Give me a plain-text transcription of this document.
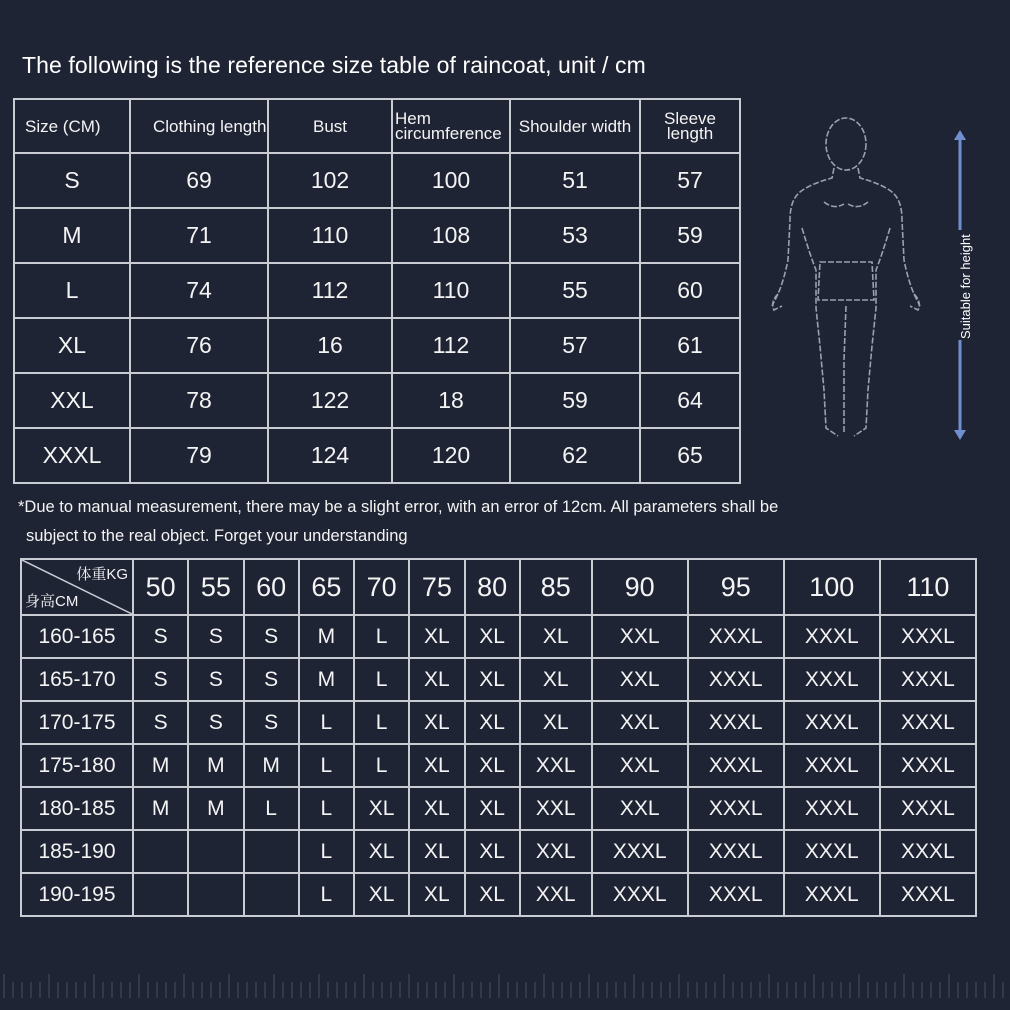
The following is the reference size table of raincoat, unit / cm
Size (CM)	Clothing length	Bust	Hem circumference	Shoulder width	Sleeve length
S	69	102	100	51	57
M	71	110	108	53	59
L	74	112	110	55	60
XL	76	16	112	57	61
XXL	78	122	18	59	64
XXXL	79	124	120	62	65
Suitable for height
*Due to manual measurement, there may be a slight error, with an error of 12cm. All parameters shall be
subject to the real object. Forget your understanding
体重KG
身高CM	50	55	60	65	70	75	80	85	90	95	100	110
160-165	S	S	S	M	L	XL	XL	XL	XXL	XXXL	XXXL	XXXL
165-170	S	S	S	M	L	XL	XL	XL	XXL	XXXL	XXXL	XXXL
170-175	S	S	S	L	L	XL	XL	XL	XXL	XXXL	XXXL	XXXL
175-180	M	M	M	L	L	XL	XL	XXL	XXL	XXXL	XXXL	XXXL
180-185	M	M	L	L	XL	XL	XL	XXL	XXL	XXXL	XXXL	XXXL
185-190				L	XL	XL	XL	XXL	XXXL	XXXL	XXXL	XXXL
190-195				L	XL	XL	XL	XXL	XXXL	XXXL	XXXL	XXXL
